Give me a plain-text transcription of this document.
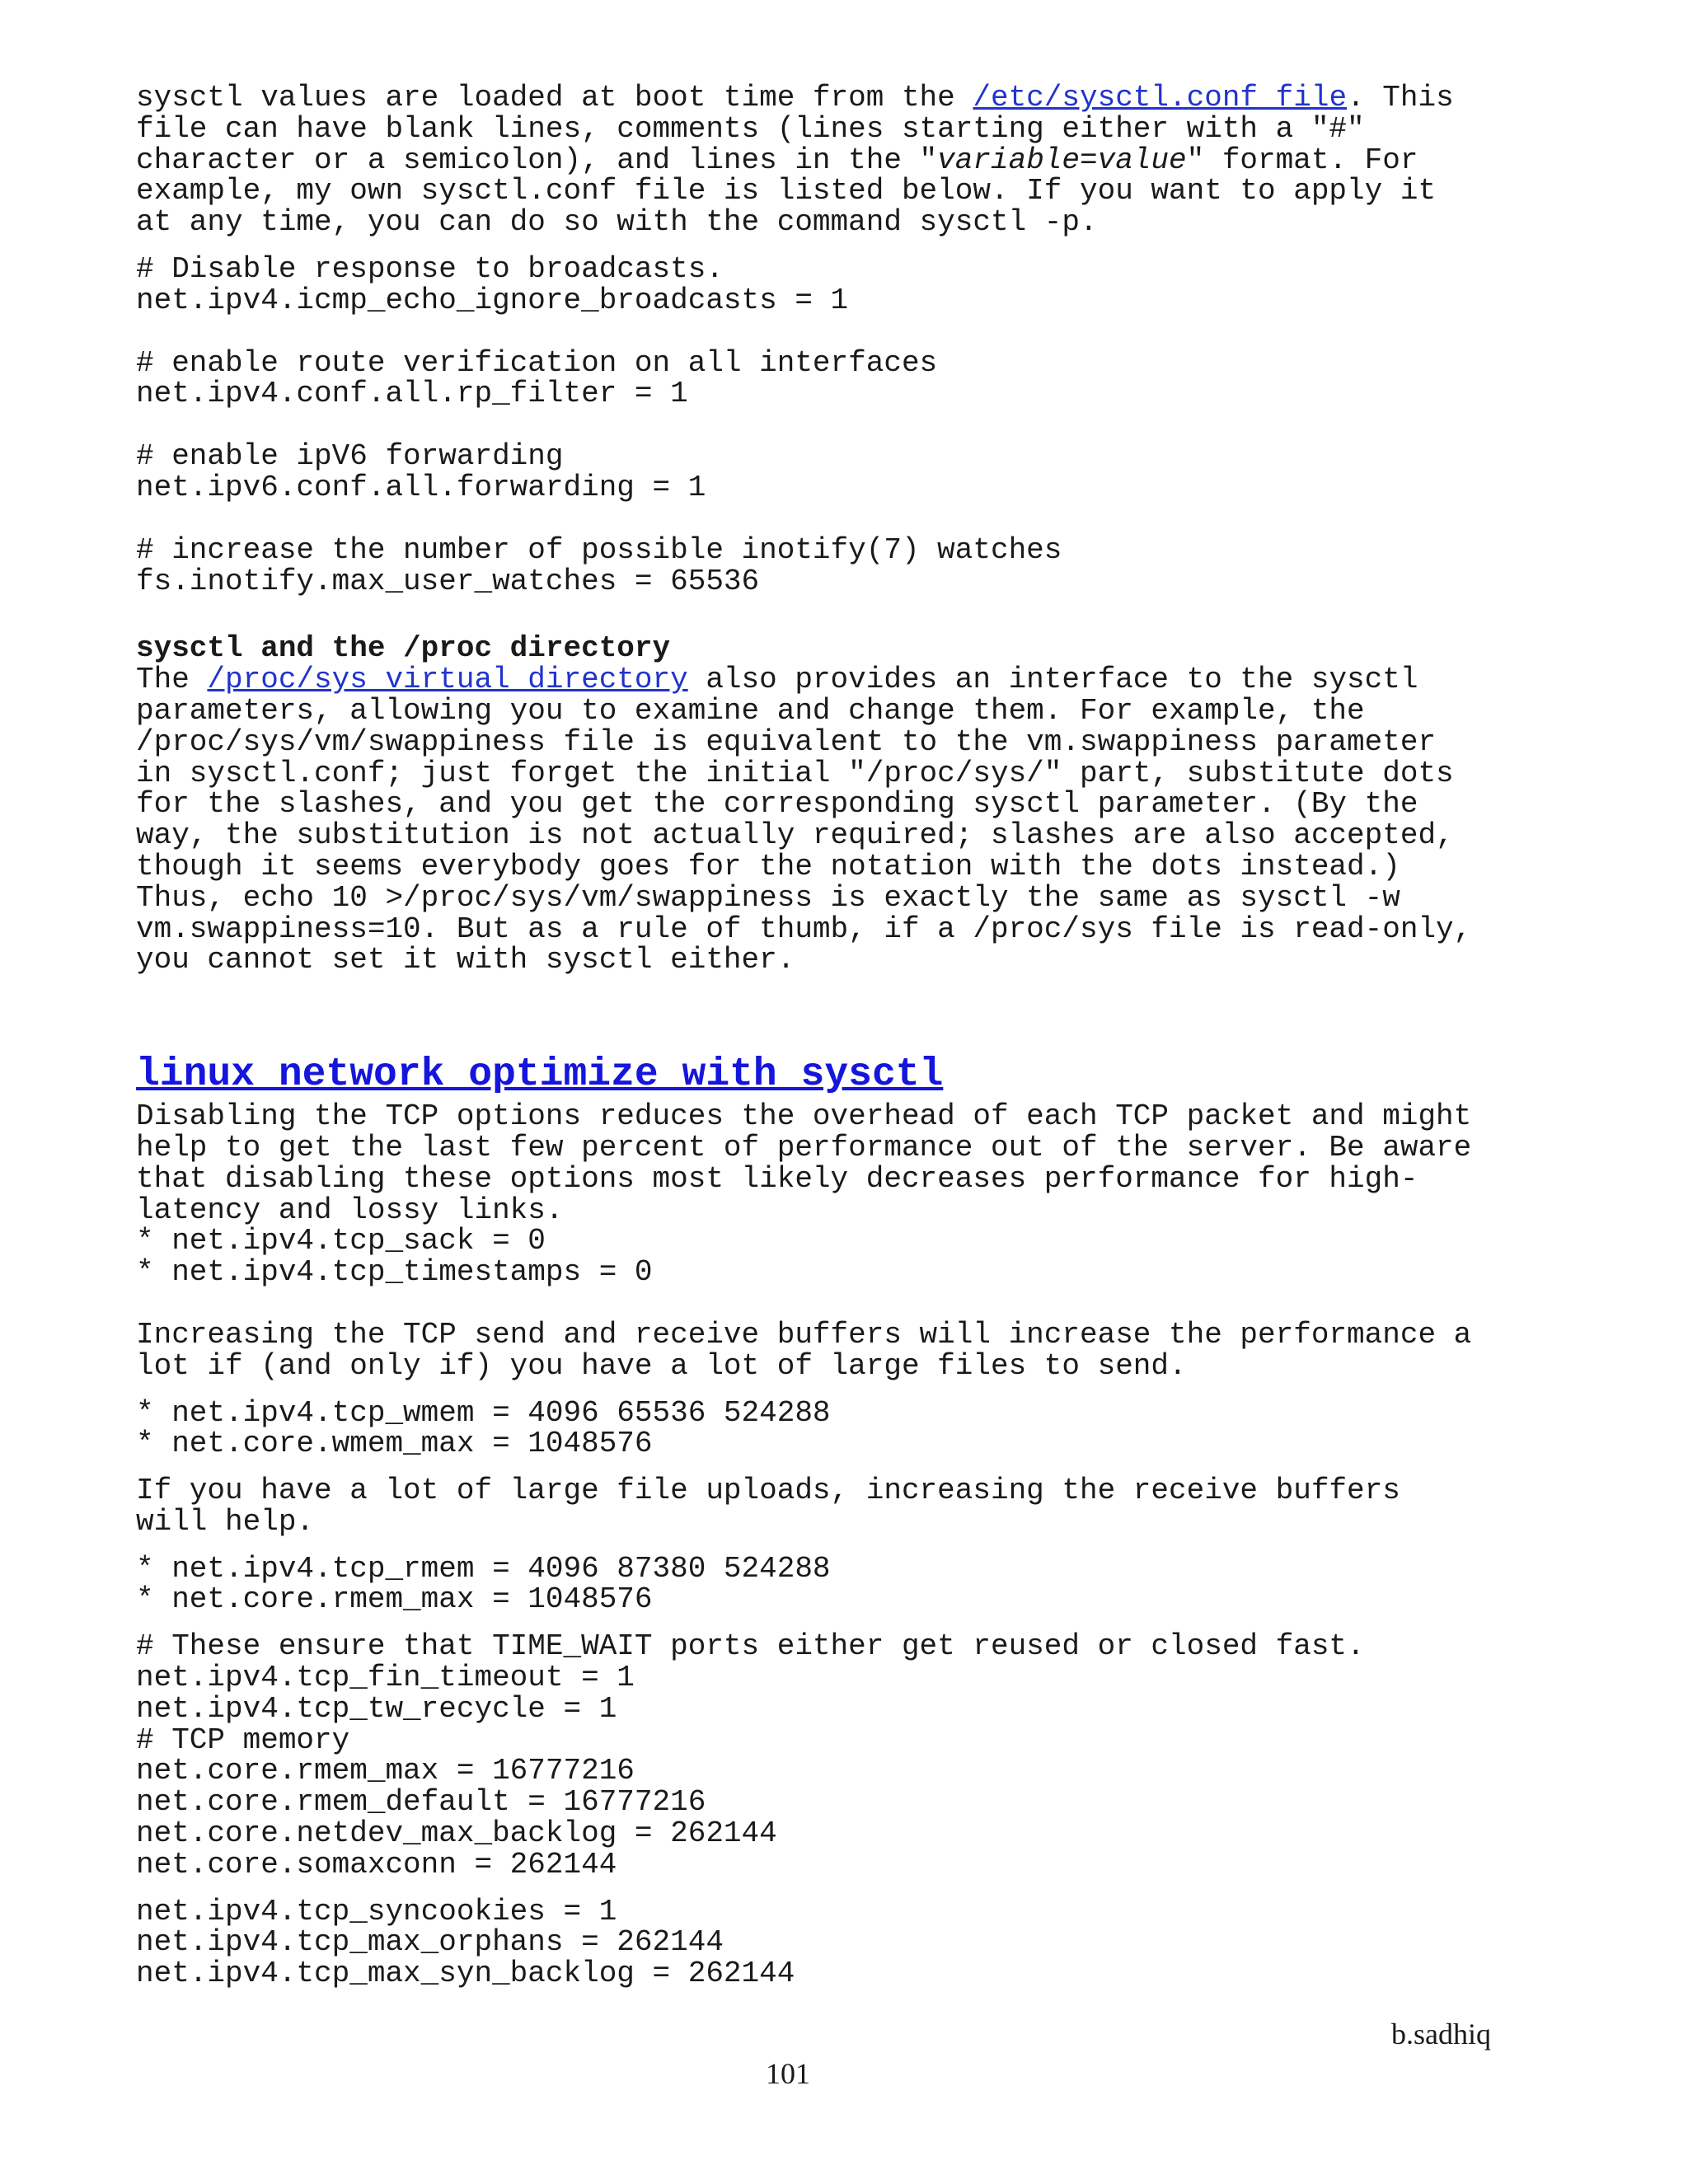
sysctl values are loaded at boot time from the /etc/sysctl.conf file. This
file can have blank lines, comments (lines starting either with a "#"
character or a semicolon), and lines in the "variable=value" format. For
example, my own sysctl.conf file is listed below. If you want to apply it
at any time, you can do so with the command sysctl -p.
# Disable response to broadcasts.
net.ipv4.icmp_echo_ignore_broadcasts = 1
# enable route verification on all interfaces
net.ipv4.conf.all.rp_filter = 1
# enable ipV6 forwarding
net.ipv6.conf.all.forwarding = 1
# increase the number of possible inotify(7) watches
fs.inotify.max_user_watches = 65536
sysctl and the /proc directory
The /proc/sys virtual directory also provides an interface to the sysctl
parameters, allowing you to examine and change them. For example, the
/proc/sys/vm/swappiness file is equivalent to the vm.swappiness parameter
in sysctl.conf; just forget the initial "/proc/sys/" part, substitute dots
for the slashes, and you get the corresponding sysctl parameter. (By the
way, the substitution is not actually required; slashes are also accepted,
though it seems everybody goes for the notation with the dots instead.)
Thus, echo 10 >/proc/sys/vm/swappiness is exactly the same as sysctl -w
vm.swappiness=10. But as a rule of thumb, if a /proc/sys file is read-only,
you cannot set it with sysctl either.
linux network optimize with sysctl
Disabling the TCP options reduces the overhead of each TCP packet and might
help to get the last few percent of performance out of the server. Be aware
that disabling these options most likely decreases performance for high-
latency and lossy links.
* net.ipv4.tcp_sack = 0
* net.ipv4.tcp_timestamps = 0
Increasing the TCP send and receive buffers will increase the performance a
lot if (and only if) you have a lot of large files to send.
* net.ipv4.tcp_wmem = 4096 65536 524288
* net.core.wmem_max = 1048576
If you have a lot of large file uploads, increasing the receive buffers
will help.
* net.ipv4.tcp_rmem = 4096 87380 524288
* net.core.rmem_max = 1048576
# These ensure that TIME_WAIT ports either get reused or closed fast.
net.ipv4.tcp_fin_timeout = 1
net.ipv4.tcp_tw_recycle = 1
# TCP memory
net.core.rmem_max = 16777216
net.core.rmem_default = 16777216
net.core.netdev_max_backlog = 262144
net.core.somaxconn = 262144
net.ipv4.tcp_syncookies = 1
net.ipv4.tcp_max_orphans = 262144
net.ipv4.tcp_max_syn_backlog = 262144
b.sadhiq
101
